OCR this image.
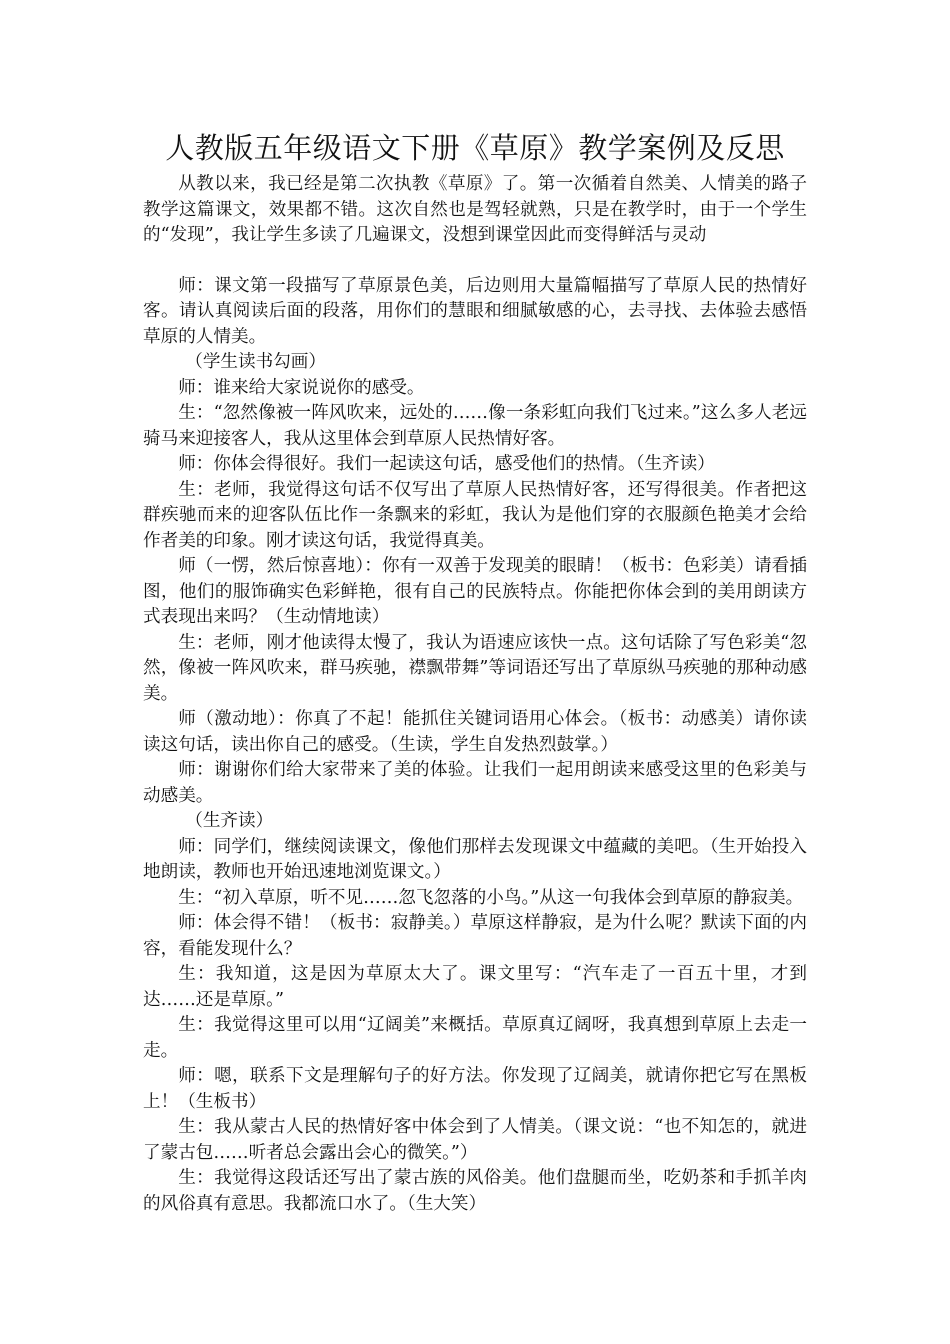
人教版五年级语文下册《草原》教学案例及反思

从教以来，我已经是第二次执教《草原》了。第一次循着自然美、人情美的路子教学这篇课文，效果都不错。这次自然也是驾轻就熟，只是在教学时，由于一个学生的“发现”，我让学生多读了几遍课文，没想到课堂因此而变得鲜活与灵动

师：课文第一段描写了草原景色美，后边则用大量篇幅描写了草原人民的热情好客。请认真阅读后面的段落，用你们的慧眼和细腻敏感的心，去寻找、去体验去感悟草原的人情美。

（学生读书勾画）

师：谁来给大家说说你的感受。

生：“忽然像被一阵风吹来，远处的……像一条彩虹向我们飞过来。”这么多人老远骑马来迎接客人，我从这里体会到草原人民热情好客。

师：你体会得很好。我们一起读这句话，感受他们的热情。（生齐读）

生：老师，我觉得这句话不仅写出了草原人民热情好客，还写得很美。作者把这群疾驰而来的迎客队伍比作一条飘来的彩虹，我认为是他们穿的衣服颜色艳美才会给作者美的印象。刚才读这句话，我觉得真美。

师（一愣，然后惊喜地）：你有一双善于发现美的眼睛！（板书：色彩美）请看插图，他们的服饰确实色彩鲜艳，很有自己的民族特点。你能把你体会到的美用朗读方式表现出来吗？（生动情地读）

生：老师，刚才他读得太慢了，我认为语速应该快一点。这句话除了写色彩美“忽然，像被一阵风吹来，群马疾驰，襟飘带舞”等词语还写出了草原纵马疾驰的那种动感美。

师（激动地）：你真了不起！能抓住关键词语用心体会。（板书：动感美）请你读读这句话，读出你自己的感受。（生读，学生自发热烈鼓掌。）

师：谢谢你们给大家带来了美的体验。让我们一起用朗读来感受这里的色彩美与动感美。

（生齐读）

师：同学们，继续阅读课文，像他们那样去发现课文中蕴藏的美吧。（生开始投入地朗读，教师也开始迅速地浏览课文。）

生：“初入草原，听不见……忽飞忽落的小鸟。”从这一句我体会到草原的静寂美。

师：体会得不错！（板书：寂静美。）草原这样静寂，是为什么呢？默读下面的内容，看能发现什么？

生：我知道，这是因为草原太大了。课文里写：“汽车走了一百五十里，才到达……还是草原。”

生：我觉得这里可以用“辽阔美”来概括。草原真辽阔呀，我真想到草原上去走一走。

师：嗯，联系下文是理解句子的好方法。你发现了辽阔美，就请你把它写在黑板上！（生板书）

生：我从蒙古人民的热情好客中体会到了人情美。（课文说：“也不知怎的，就进了蒙古包……听者总会露出会心的微笑。”）

生：我觉得这段话还写出了蒙古族的风俗美。他们盘腿而坐，吃奶茶和手抓羊肉的风俗真有意思。我都流口水了。（生大笑）
